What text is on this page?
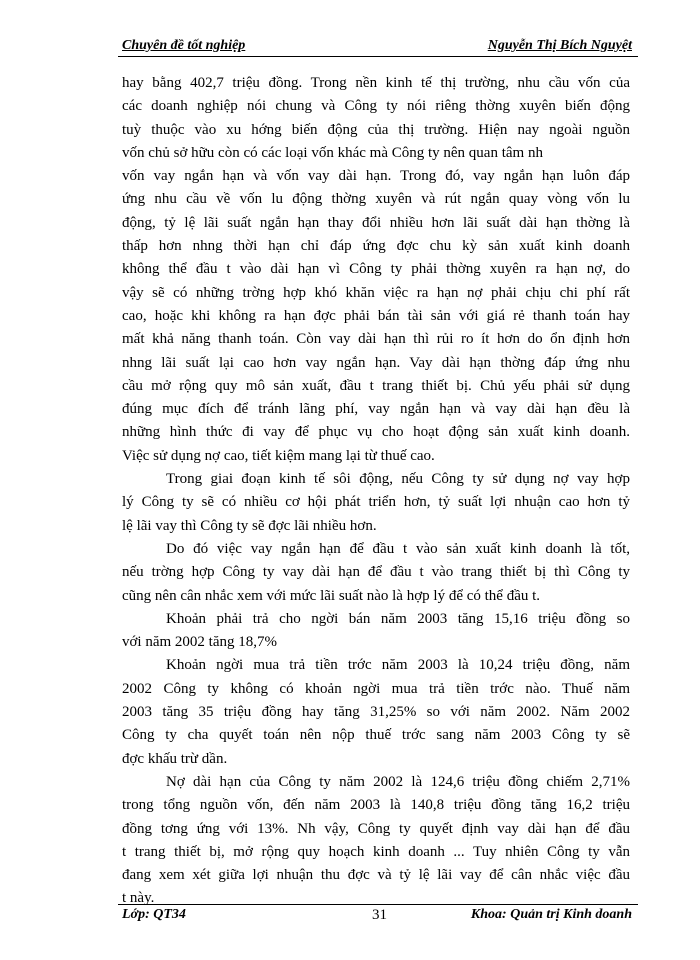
Chuyên đề tốt nghiệp	Nguyễn Thị Bích Nguyệt
hay bằng 402,7 triệu đồng. Trong nền kinh tế thị trường, nhu cầu vốn của
các doanh nghiệp nói chung và Công ty nói riêng thờng xuyên biến động
tuỳ thuộc vào xu hớng biến động của thị trường. Hiện nay ngoài nguồn
vốn chủ sở hữu còn có các loại vốn khác mà Công ty nên quan tâm nh
vốn vay ngắn hạn và vốn vay dài hạn. Trong đó, vay ngắn hạn luôn đáp
ứng nhu cầu về vốn lu động thờng xuyên và rút ngắn quay vòng vốn lu
động, tỷ lệ lãi suất ngắn hạn thay đổi nhiều hơn lãi suất dài hạn thờng là
thấp hơn nhng thời hạn chỉ đáp ứng đợc chu kỳ sản xuất kinh doanh
không thể đầu t vào dài hạn vì Công ty phải thờng xuyên ra hạn nợ, do
vậy sẽ có những trờng hợp khó khăn việc ra hạn nợ phải chịu chi phí rất
cao, hoặc khi không ra hạn đợc phải bán tài sản với giá rẻ thanh toán hay
mất khả năng thanh toán. Còn vay dài hạn thì rủi ro ít hơn do ổn định hơn
nhng lãi suất lại cao hơn vay ngắn hạn. Vay dài hạn thờng đáp ứng nhu
cầu mở rộng quy mô sản xuất, đầu t trang thiết bị. Chủ yếu phải sử dụng
đúng mục đích để tránh lãng phí, vay ngắn hạn và vay dài hạn đều là
những hình thức đi vay để phục vụ cho hoạt động sản xuất kinh doanh.
Việc sử dụng nợ cao, tiết kiệm mang lại từ thuế cao.
Trong giai đoạn kinh tế sôi động, nếu Công ty sử dụng nợ vay hợp
lý Công ty sẽ có nhiều cơ hội phát triển hơn, tỷ suất lợi nhuận cao hơn tỷ
lệ lãi vay thì Công ty sẽ đợc lãi nhiều hơn.
Do đó việc vay ngắn hạn để đầu t vào sản xuất kinh doanh là tốt,
nếu trờng hợp Công ty vay dài hạn để đầu t vào trang thiết bị thì Công ty
cũng nên cân nhắc xem với mức lãi suất nào là hợp lý để có thể đầu t.
Khoản phải trả cho ngời bán năm 2003 tăng 15,16 triệu đồng so
với năm 2002 tăng 18,7%
Khoản ngời mua trả tiền trớc năm 2003 là 10,24 triệu đồng, năm
2002 Công ty không có khoản ngời mua trả tiền trớc nào. Thuế năm
2003 tăng 35 triệu đồng hay tăng 31,25% so với năm 2002. Năm 2002
Công ty cha quyết toán nên nộp thuế trớc sang năm 2003 Công ty sẽ
đợc khấu trừ dần.
Nợ dài hạn của Công ty năm 2002 là 124,6 triệu đồng chiếm 2,71%
trong tổng nguồn vốn, đến năm 2003 là 140,8 triệu đồng tăng 16,2 triệu
đồng tơng ứng với 13%. Nh vậy, Công ty quyết định vay dài hạn để đầu
t trang thiết bị, mở rộng quy hoạch kinh doanh ... Tuy nhiên Công ty vẫn
đang xem xét giữa lợi nhuận thu đợc và tỷ lệ lãi vay để cân nhắc việc đầu
t này.
Lớp: QT34	31	Khoa: Quản trị Kinh doanh
